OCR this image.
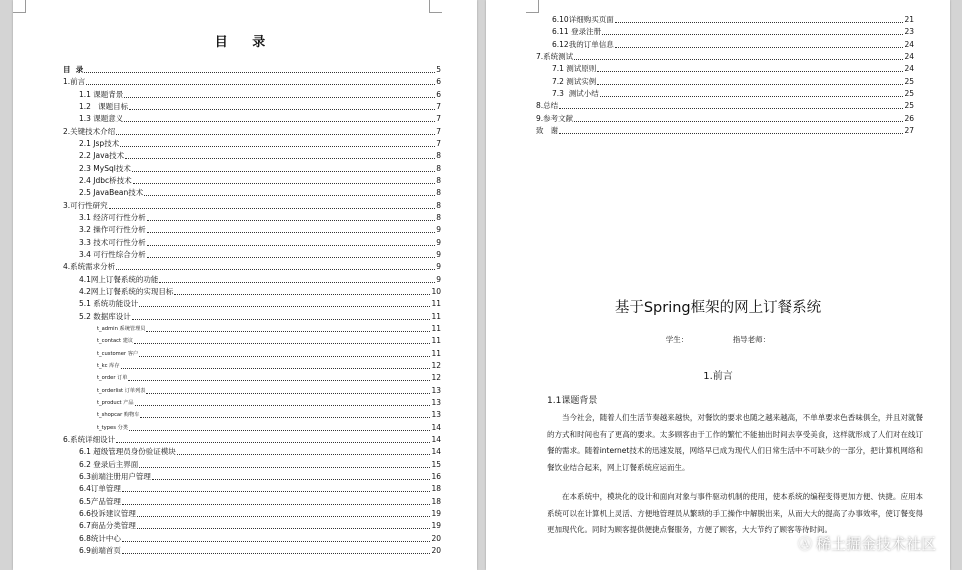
目 录
目  录	5
1.前言	6
1.1 课题背景	6
1.2   课题目标	7
1.3 课题意义	7
2.关键技术介绍	7
2.1 Jsp技术	7
2.2 Java技术	8
2.3 MySql技术	8
2.4 Jdbc桥技术	8
2.5 JavaBean技术	8
3.可行性研究	8
3.1 经济可行性分析	8
3.2 操作可行性分析	9
3.3 技术可行性分析	9
3.4 可行性综合分析	9
4.系统需求分析	9
4.1网上订餐系统的功能	9
4.2网上订餐系统的实现目标	10
5.1 系统功能设计	11
5.2 数据库设计	11
t_admin 系统管理员	11
t_contact 建议	11
t_customer 客户	11
t_kc 库存	12
t_order 订单	12
t_orderlist 订单列表	13
t_product 产品	13
t_shopcar 购物车	13
t_types 分类	14
6.系统详细设计	14
6.1 超级管理员身份验证模块	14
6.2 登录后主界面	15
6.3前端注册用户管理	16
6.4订单管理	18
6.5产品管理	18
6.6投诉建议管理	19
6.7商品分类管理	19
6.8统计中心	20
6.9前端首页	20
6.10详细购买页面	21
6.11 登录注册	23
6.12我的订单信息	24
7.系统测试	24
7.1 测试原则	24
7.2 测试实例	25
7.3  测试小结	25
8.总结	25
9.参考文献	26
致   谢	27
基于Spring框架的网上订餐系统
学生：	指导老师：
1.前言
1.1课题背景
当今社会，随着人们生活节奏越来越快，对餐饮的要求也随之越来越高，不单单要求色香味俱全，并且对就餐的方式和时间也有了更高的要求。太多顾客由于工作的繁忙不能抽出时间去享受美食，这样就形成了人们对在线订餐的需求。随着internet技术的迅速发展，网络早已成为现代人们日常生活中不可缺少的一部分，把计算机网络和餐饮业结合起来，网上订餐系统应运而生。
在本系统中，模块化的设计和面向对象与事件驱动机制的使用，使本系统的编程变得更加方便、快捷。应用本系统可以在计算机上灵活、方便地管理员从繁琐的手工操作中解脱出来，从而大大的提高了办事效率，使订餐变得更加现代化。同时为顾客提供便捷点餐服务，方便了顾客，大大节约了顾客等待时间。
Ⓐ 稀土掘金技术社区
